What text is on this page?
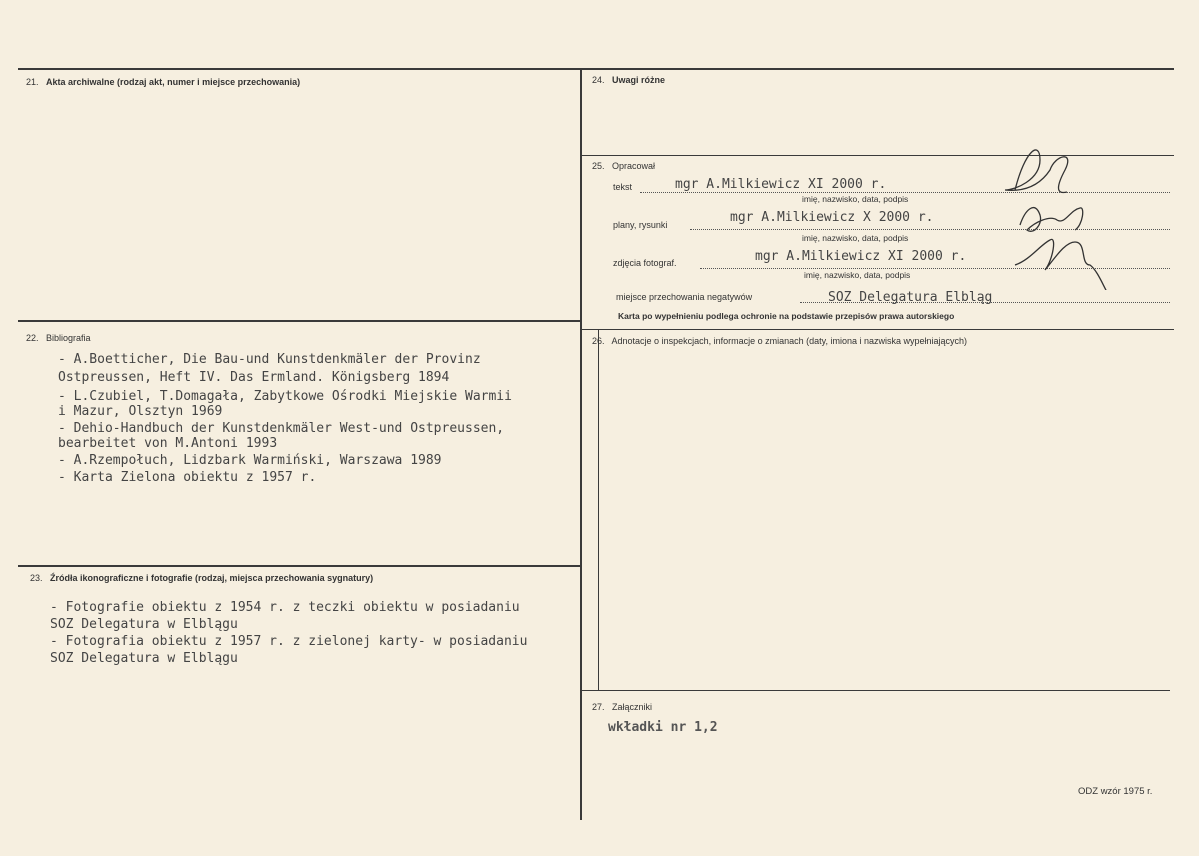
21. Akta archiwalne (rodzaj akt, numer i miejsce przechowania)
22. Bibliografia
- A.Boetticher, Die Bau-und Kunstdenkmäler der Provinz
Ostpreussen, Heft IV. Das Ermland. Königsberg 1894
- L.Czubiel, T.Domagała, Zabytkowe Ośrodki Miejskie Warmii
i Mazur, Olsztyn 1969
- Dehio-Handbuch der Kunstdenkmäler West-und Ostpreussen,
bearbeitet von M.Antoni 1993
- A.Rzempołuch, Lidzbark Warmiński, Warszawa 1989
- Karta Zielona obiektu z 1957 r.
23. Źródła ikonograficzne i fotografie (rodzaj, miejsca przechowania sygnatury)
- Fotografie obiektu z 1954 r. z teczki obiektu w posiadaniu
SOZ Delegatura w Elblągu
- Fotografia obiektu z 1957 r. z zielonej karty- w posiadaniu
SOZ Delegatura w Elblągu
24. Uwagi różne
25. Opracował
tekst	mgr A.Milkiewicz XI 2000 r.
imię, nazwisko, data, podpis
plany, rysunki	mgr A.Milkiewicz X 2000 r.
imię, nazwisko, data, podpis
zdjęcia fotograf.	mgr A.Milkiewicz XI 2000 r.
imię, nazwisko, data, podpis
miejsce przechowania negatywów	SOZ Delegatura Elbląg
Karta po wypełnieniu podlega ochronie na podstawie przepisów prawa autorskiego
26. Adnotacje o inspekcjach, informacje o zmianach (daty, imiona i nazwiska wypełniających)
27. Załączniki
wkładki nr 1,2
ODZ wzór 1975 r.
